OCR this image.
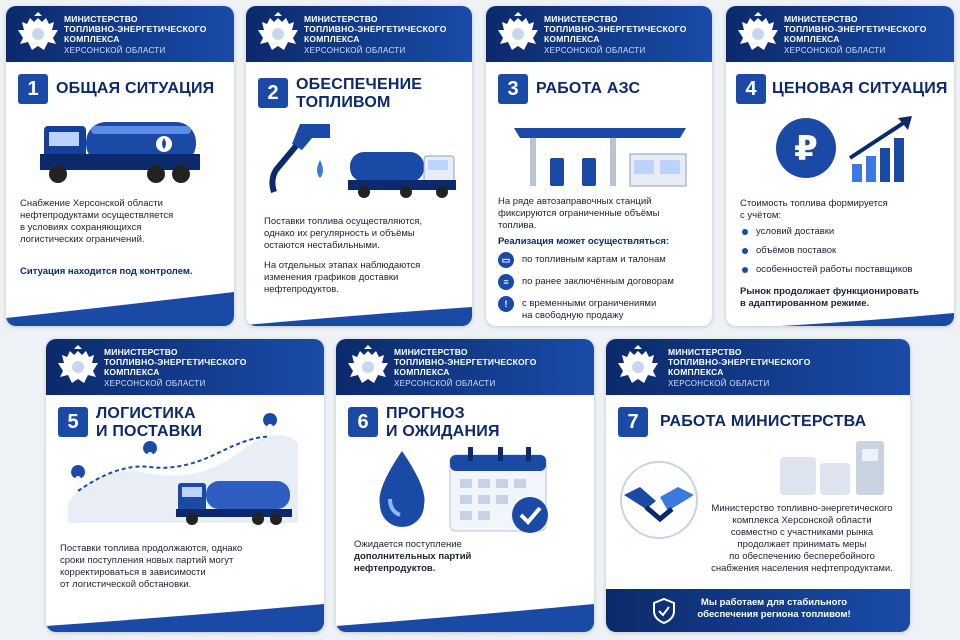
МИНИСТЕРСТВО
ТОПЛИВНО-ЭНЕРГЕТИЧЕСКОГО
КОМПЛЕКСА
ХЕРСОНСКОЙ ОБЛАСТИ
1	ОБЩАЯ СИТУАЦИЯ
Снабжение Херсонской области
нефтепродуктами осуществляется
в условиях сохраняющихся
логистических ограничений.
Ситуация находится под контролем.
МИНИСТЕРСТВО
ТОПЛИВНО-ЭНЕРГЕТИЧЕСКОГО
КОМПЛЕКСА
ХЕРСОНСКОЙ ОБЛАСТИ
2	ОБЕСПЕЧЕНИЕ
ТОПЛИВОМ
Поставки топлива осуществляются,
однако их регулярность и объёмы
остаются нестабильными.
На отдельных этапах наблюдаются
изменения графиков доставки
нефтепродуктов.
МИНИСТЕРСТВО
ТОПЛИВНО-ЭНЕРГЕТИЧЕСКОГО
КОМПЛЕКСА
ХЕРСОНСКОЙ ОБЛАСТИ
3	РАБОТА АЗС
АЗС
На ряде автозаправочных станций
фиксируются ограниченные объёмы
топлива.
Реализация может осуществляться:
▭	по топливным картам и талонам
≡	по ранее заключённым договорам
!	с временными ограничениями
на свободную продажу
МИНИСТЕРСТВО
ТОПЛИВНО-ЭНЕРГЕТИЧЕСКОГО
КОМПЛЕКСА
ХЕРСОНСКОЙ ОБЛАСТИ
4 ЦЕНОВАЯ СИТУАЦИЯ
₽
Стоимость топлива формируется
с учётом:
условий доставки
объёмов поставок
особенностей работы поставщиков
Рынок продолжает функционировать
в адаптированном режиме.
МИНИСТЕРСТВО
ТОПЛИВНО-ЭНЕРГЕТИЧЕСКОГО
КОМПЛЕКСА
ХЕРСОНСКОЙ ОБЛАСТИ
5	ЛОГИСТИКА
И ПОСТАВКИ
Поставки топлива продолжаются, однако
сроки поступления новых партий могут
корректироваться в зависимости
от логистической обстановки.
МИНИСТЕРСТВО
ТОПЛИВНО-ЭНЕРГЕТИЧЕСКОГО
КОМПЛЕКСА
ХЕРСОНСКОЙ ОБЛАСТИ
6	ПРОГНОЗ
И ОЖИДАНИЯ
Ожидается поступление
дополнительных партий
нефтепродуктов.
МИНИСТЕРСТВО
ТОПЛИВНО-ЭНЕРГЕТИЧЕСКОГО
КОМПЛЕКСА
ХЕРСОНСКОЙ ОБЛАСТИ
7	РАБОТА МИНИСТЕРСТВА
Министерство топливно-энергетического
комплекса Херсонской области
совместно с участниками рынка
продолжает принимать меры
по обеспечению бесперебойного
снабжения населения нефтепродуктами.
Мы работаем для стабильного
обеспечения региона топливом!
